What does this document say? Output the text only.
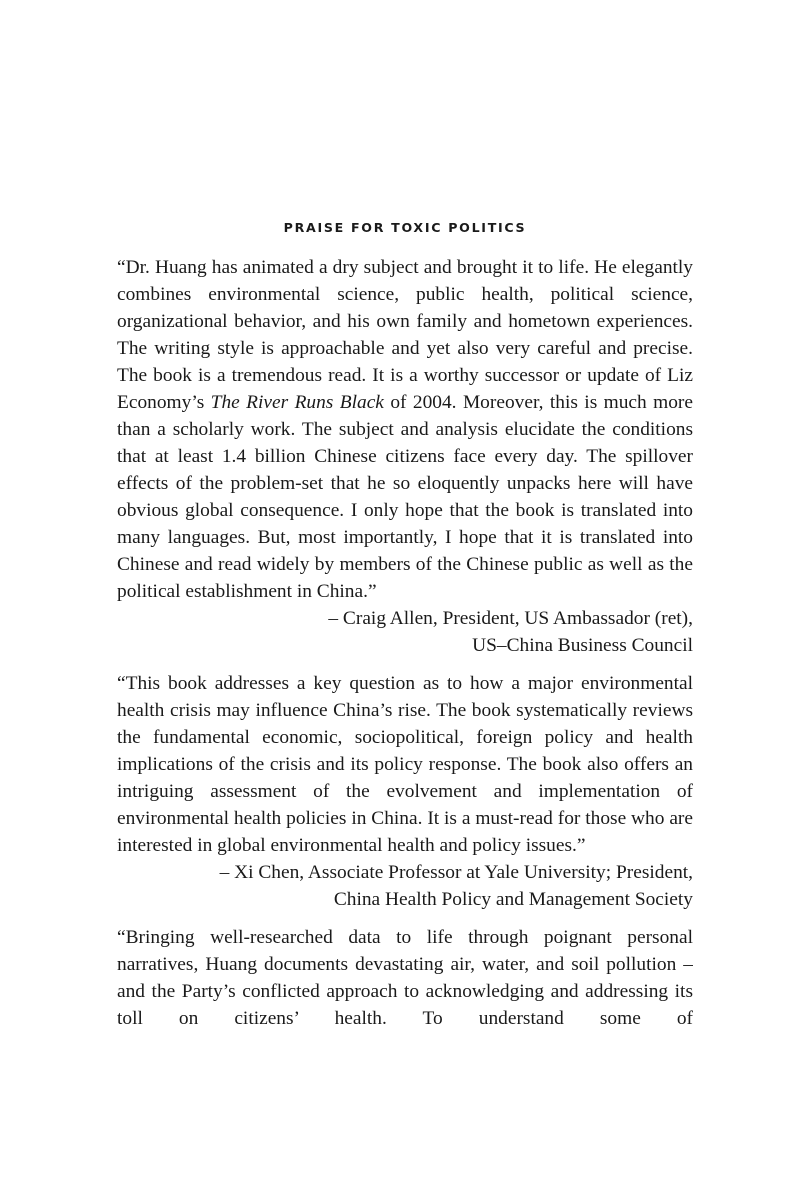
PRAISE FOR TOXIC POLITICS

“Dr. Huang has animated a dry subject and brought it to life. He elegantly combines environmental science, public health, political science, organizational behavior, and his own family and hometown experiences. The writing style is approachable and yet also very careful and precise. The book is a tremendous read. It is a worthy successor or update of Liz Economy’s The River Runs Black of 2004. Moreover, this is much more than a scholarly work. The subject and analysis elucidate the conditions that at least 1.4 billion Chinese citizens face every day. The spillover effects of the problem-set that he so eloquently unpacks here will have obvious global consequence. I only hope that the book is translated into many languages. But, most importantly, I hope that it is translated into Chinese and read widely by members of the Chinese public as well as the political establishment in China.”

– Craig Allen, President, US Ambassador (ret),
US–China Business Council

“This book addresses a key question as to how a major environmental health crisis may influence China’s rise. The book systematically reviews the fundamental economic, sociopolitical, foreign policy and health implications of the crisis and its policy response. The book also offers an intriguing assessment of the evolvement and implementation of environmental health policies in China. It is a must-read for those who are interested in global environmental health and policy issues.”

– Xi Chen, Associate Professor at Yale University; President,
China Health Policy and Management Society

“Bringing well-researched data to life through poignant personal narratives, Huang documents devastating air, water, and soil pollution – and the Party’s conflicted approach to acknowledging and addressing its toll on citizens’ health. To understand some of
